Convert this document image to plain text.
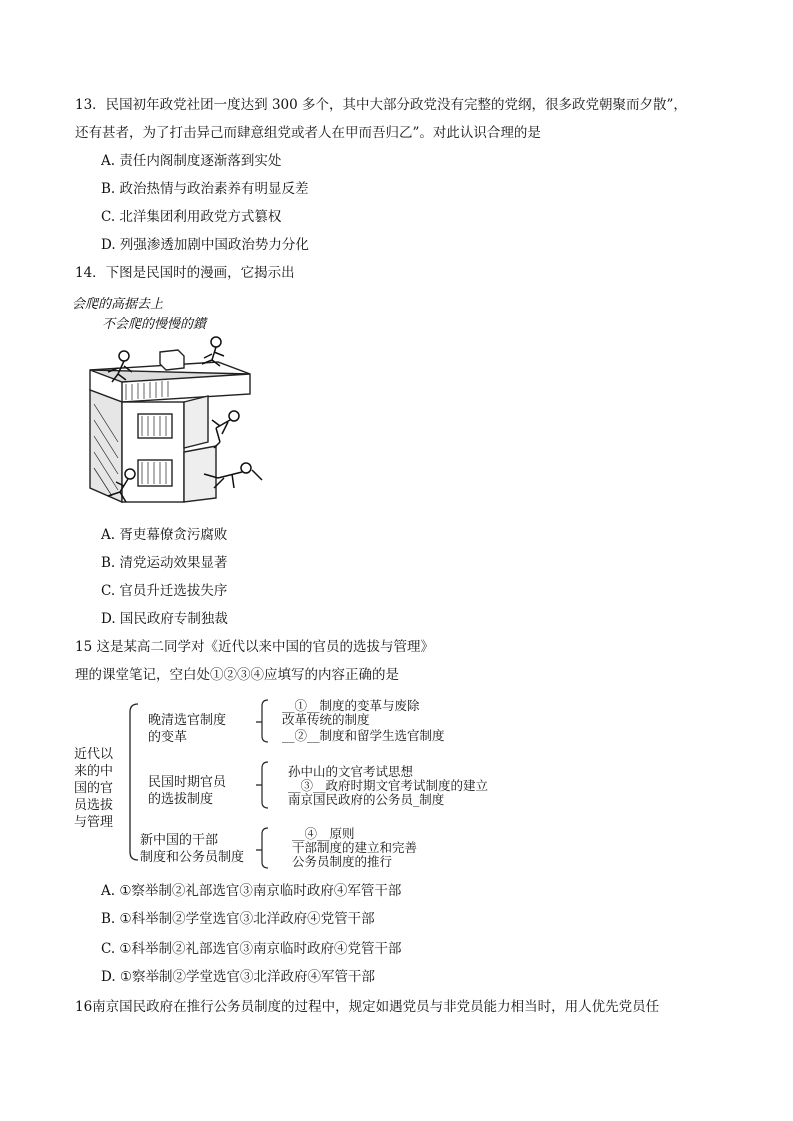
13．民国初年政党社团一度达到 300 多个，其中大部分政党没有完整的党纲，很多政党朝聚而夕散”，
还有甚者，为了打击异己而肆意组党或者人在甲而吾归乙”。对此认识合理的是
A. 责任内阁制度逐渐落到实处
B. 政治热情与政治素养有明显反差
C. 北洋集团利用政党方式篡权
D. 列强渗透加剧中国政治势力分化
14．下图是民国时的漫画，它揭示出
会爬的高据去上
不会爬的慢慢的鑚
A. 胥吏幕僚贪污腐败
B. 清党运动效果显著
C. 官员升迁选拔失序
D. 国民政府专制独裁
15 这是某高二同学对《近代以来中国的官员的选拔与管理》
理的课堂笔记，空白处①②③④应填写的内容正确的是
近代以
来的中
国的官
员选拔
与管理
晚清选官制度
的变革
__①__制度的变革与废除
改革传统的制度
__②__制度和留学生选官制度
民国时期官员
的选拔制度
孙中山的文官考试思想
__③__政府时期文官考试制度的建立
南京国民政府的公务员_制度
新中国的干部
制度和公务员制度
__④__原则
干部制度的建立和完善
公务员制度的推行
A. ①察举制②礼部选官③南京临时政府④军管干部
B. ①科举制②学堂选官③北洋政府④党管干部
C. ①科举制②礼部选官③南京临时政府④党管干部
D. ①察举制②学堂选官③北洋政府④军管干部
16南京国民政府在推行公务员制度的过程中，规定如遇党员与非党员能力相当时，用人优先党员任
